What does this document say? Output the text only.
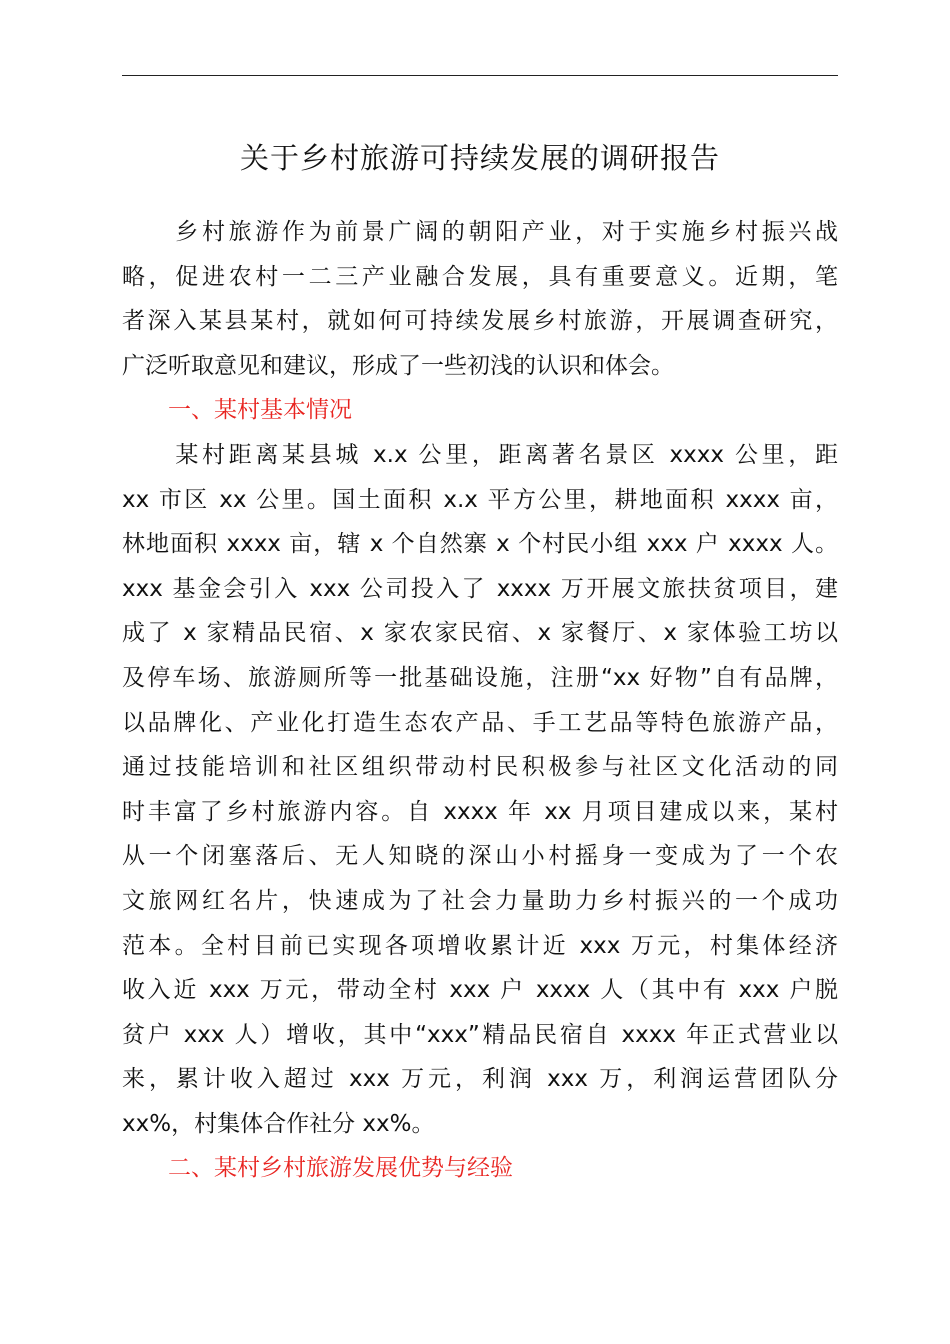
关于乡村旅游可持续发展的调研报告

　　乡村旅游作为前景广阔的朝阳产业，对于实施乡村振兴战
略，促进农村一二三产业融合发展，具有重要意义。近期，笔
者深入某县某村，就如何可持续发展乡村旅游，开展调查研究，
广泛听取意见和建议，形成了一些初浅的认识和体会。

一、某村基本情况

　　某村距离某县城 x.x 公里，距离著名景区 xxxx 公里，距
xx 市区 xx 公里。国土面积 x.x 平方公里，耕地面积 xxxx 亩，
林地面积 xxxx 亩，辖 x 个自然寨 x 个村民小组 xxx 户 xxxx 人。
xxx 基金会引入 xxx 公司投入了 xxxx 万开展文旅扶贫项目，建
成了 x 家精品民宿、x 家农家民宿、x 家餐厅、x 家体验工坊以
及停车场、旅游厕所等一批基础设施，注册“xx 好物”自有品牌，
以品牌化、产业化打造生态农产品、手工艺品等特色旅游产品，
通过技能培训和社区组织带动村民积极参与社区文化活动的同
时丰富了乡村旅游内容。自 xxxx 年 xx 月项目建成以来，某村
从一个闭塞落后、无人知晓的深山小村摇身一变成为了一个农
文旅网红名片，快速成为了社会力量助力乡村振兴的一个成功
范本。全村目前已实现各项增收累计近 xxx 万元，村集体经济
收入近 xxx 万元，带动全村 xxx 户 xxxx 人（其中有 xxx 户脱
贫户 xxx 人）增收，其中“xxx”精品民宿自 xxxx 年正式营业以
来，累计收入超过 xxx 万元，利润 xxx 万，利润运营团队分
xx%，村集体合作社分 xx%。

二、某村乡村旅游发展优势与经验
